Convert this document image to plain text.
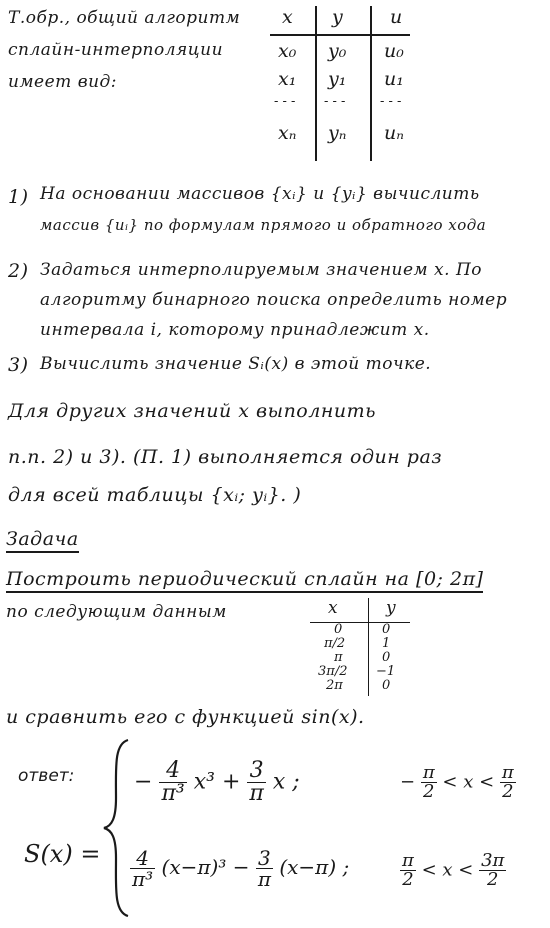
Т.обр., общий алгоритм
сплайн-интерполяции
имеет вид:
x y u
x₀ y₀ u₀
x₁ y₁ u₁
- - - - - -	- - -
xₙ yₙ uₙ
1) На основании массивов {xᵢ} и {yᵢ} вычислить
массив {uᵢ} по формулам прямого и обратного хода
2) Задаться интерполируемым значением x. По
алгоритму бинарного поиска определить номер
интервала i, которому принадлежит x.
3) Вычислить значение Sᵢ(x) в этой точке.
Для других значений x выполнить
п.п. 2) и 3). (П. 1) выполняется один раз
для всей таблицы {xᵢ; yᵢ}. )
Задача
Построить периодический сплайн на [0; 2π]
по следующим данным	x	y
0	0
π/2	1
π	0
3π/2 −1
2π	0
и сравнить его с функцией sin(x).
ответ:
S(x) =
− $\frac{4}{\text{π³}} x^3 + \frac{3}{\pi}$ x ;	− $\frac{\pi}{2} < x < \frac{\pi}{2}$
$\frac{4}{\text{π³}} (x-\pi)^3 - \frac{3}{\pi} (x-\pi)$ ;	$\frac{\pi}{2} < x < \frac{3\pi}{2}$
